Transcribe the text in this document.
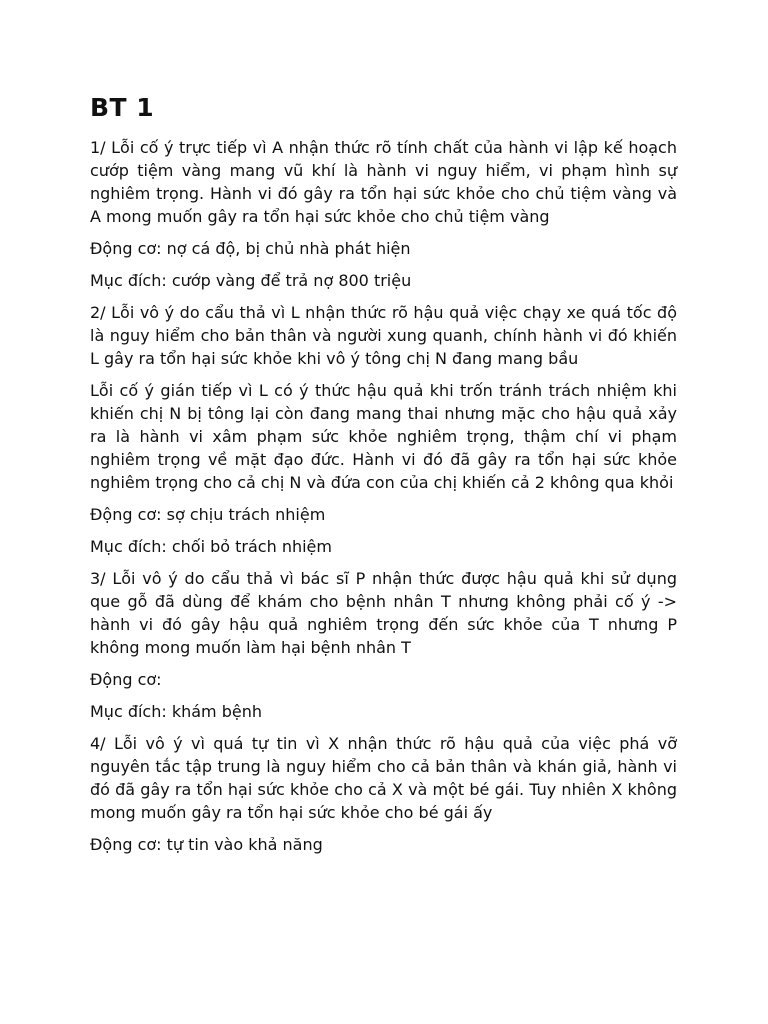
BT 1

1/ Lỗi cố ý trực tiếp vì A nhận thức rõ tính chất của hành vi lập kế hoạch cướp tiệm vàng mang vũ khí là hành vi nguy hiểm, vi phạm hình sự nghiêm trọng. Hành vi đó gây ra tổn hại sức khỏe cho chủ tiệm vàng và A mong muốn gây ra tổn hại sức khỏe cho chủ tiệm vàng

Động cơ: nợ cá độ, bị chủ nhà phát hiện

Mục đích: cướp vàng để trả nợ 800 triệu

2/ Lỗi vô ý do cẩu thả vì L nhận thức rõ hậu quả việc chạy xe quá tốc độ là nguy hiểm cho bản thân và người xung quanh, chính hành vi đó khiến L gây ra tổn hại sức khỏe khi vô ý tông chị N đang mang bầu

Lỗi cố ý gián tiếp vì L có ý thức hậu quả khi trốn tránh trách nhiệm khi khiến chị N bị tông lại còn đang mang thai nhưng mặc cho hậu quả xảy ra là hành vi xâm phạm sức khỏe nghiêm trọng, thậm chí vi phạm nghiêm trọng về mặt đạo đức. Hành vi đó đã gây ra tổn hại sức khỏe nghiêm trọng cho cả chị N và đứa con của chị khiến cả 2 không qua khỏi

Động cơ: sợ chịu trách nhiệm

Mục đích: chối bỏ trách nhiệm

3/ Lỗi vô ý do cẩu thả vì bác sĩ P nhận thức được hậu quả khi sử dụng que gỗ đã dùng để khám cho bệnh nhân T nhưng không phải cố ý -> hành vi đó gây hậu quả nghiêm trọng đến sức khỏe của T nhưng P không mong muốn làm hại bệnh nhân T

Động cơ:

Mục đích: khám bệnh

4/ Lỗi vô ý vì quá tự tin vì X nhận thức rõ hậu quả của việc phá vỡ nguyên tắc tập trung là nguy hiểm cho cả bản thân và khán giả, hành vi đó đã gây ra tổn hại sức khỏe cho cả X và một bé gái. Tuy nhiên X không mong muốn gây ra tổn hại sức khỏe cho bé gái ấy

Động cơ: tự tin vào khả năng
